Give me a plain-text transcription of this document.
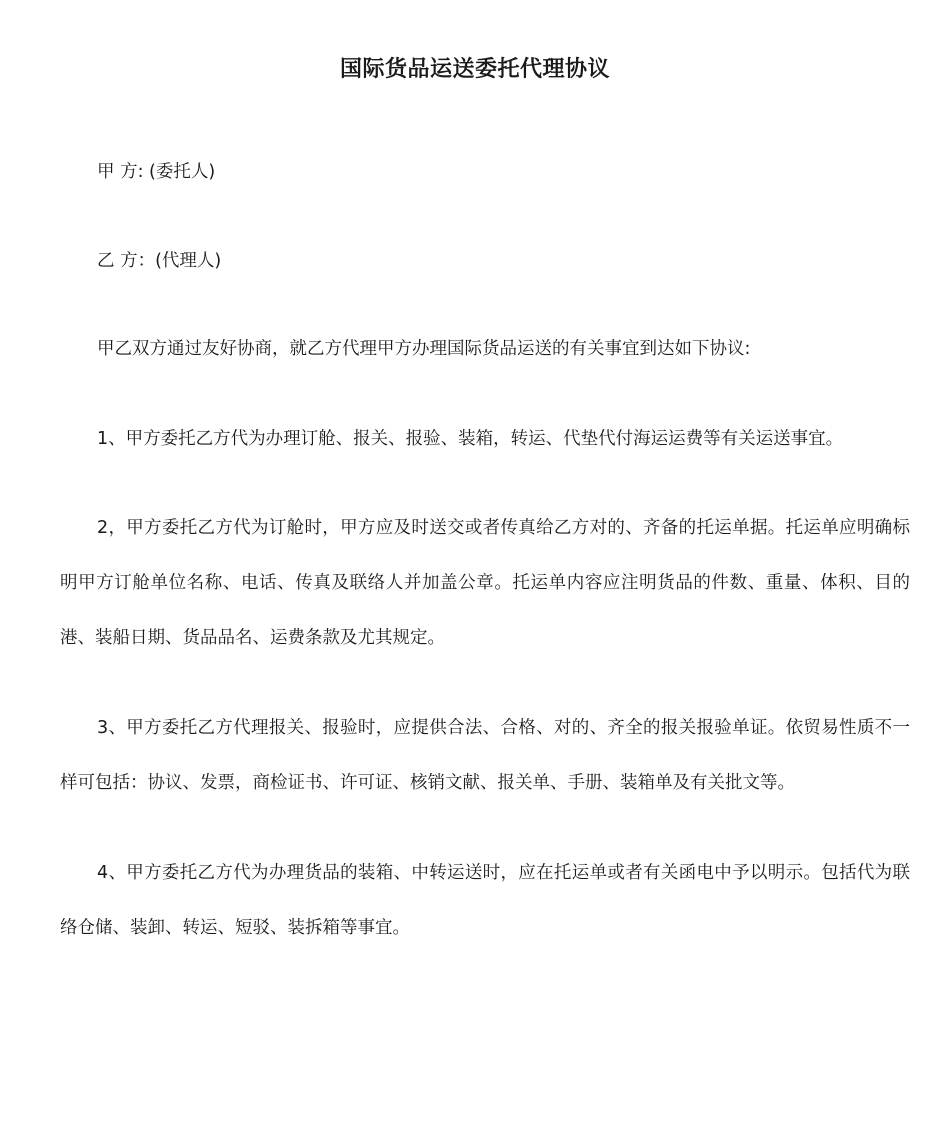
国际货品运送委托代理协议

甲 方: (委托人)

乙 方：(代理人)

甲乙双方通过友好协商，就乙方代理甲方办理国际货品运送的有关事宜到达如下协议:

1、甲方委托乙方代为办理订舱、报关、报验、装箱，转运、代垫代付海运运费等有关运送事宜。

2，甲方委托乙方代为订舱时，甲方应及时送交或者传真给乙方对的、齐备的托运单据。托运单应明确标明甲方订舱单位名称、电话、传真及联络人并加盖公章。托运单内容应注明货品的件数、重量、体积、目的港、装船日期、货品品名、运费条款及尤其规定。

3、甲方委托乙方代理报关、报验时，应提供合法、合格、对的、齐全的报关报验单证。依贸易性质不一样可包括：协议、发票，商检证书、许可证、核销文献、报关单、手册、装箱单及有关批文等。

4、甲方委托乙方代为办理货品的装箱、中转运送时，应在托运单或者有关函电中予以明示。包括代为联络仓储、装卸、转运、短驳、装拆箱等事宜。
